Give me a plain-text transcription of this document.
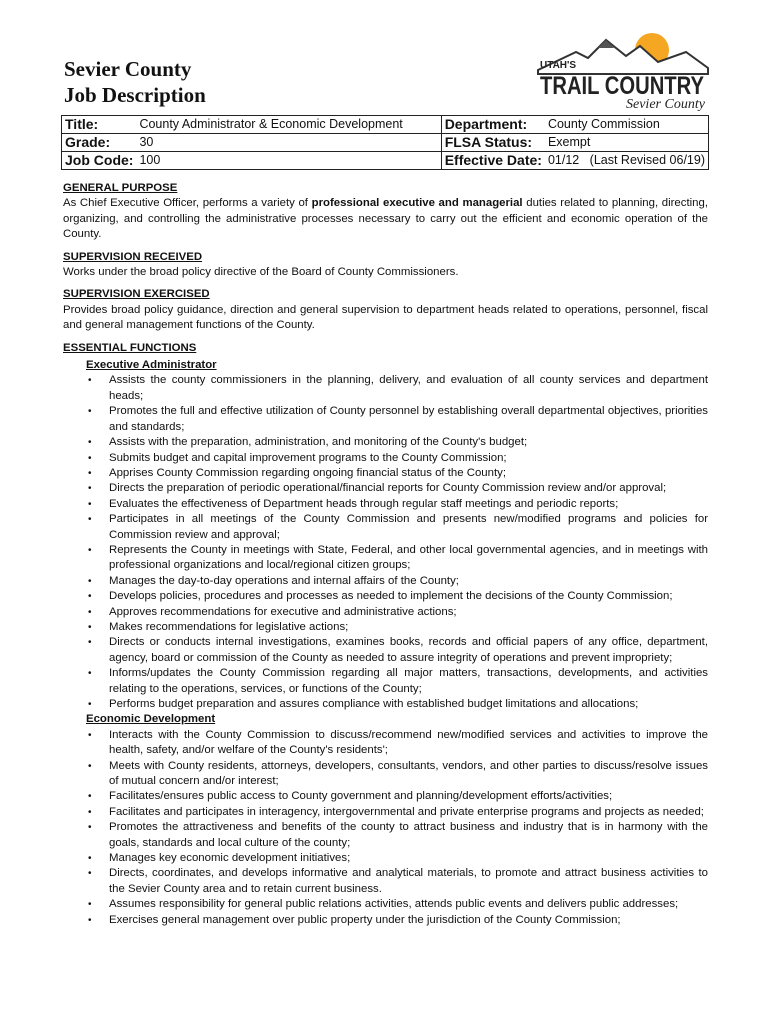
Sevier County
Job Description
UTAH'S
TRAIL COUNTRY
Sevier County
Title:	County Administrator & Economic Development	Department:	County Commission
Grade:	30	FLSA Status:	Exempt
Job Code:	100	Effective Date:	01/12   (Last Revised 06/19)

GENERAL PURPOSE

As Chief Executive Officer, performs a variety of professional executive and managerial duties related to planning, directing, organizing, and controlling the administrative processes necessary to carry out the efficient and economic operation of the County.

SUPERVISION RECEIVED

Works under the broad policy directive of the Board of County Commissioners.

SUPERVISION EXERCISED

Provides broad policy guidance, direction and general supervision to department heads related to operations, personnel, fiscal and general management functions of the County.

ESSENTIAL FUNCTIONS

Executive Administrator

• Assists the county commissioners in the planning, delivery, and evaluation of all county services and department heads;
• Promotes the full and effective utilization of County personnel by establishing overall departmental objectives, priorities and standards;
• Assists with the preparation, administration, and monitoring of the County's budget;
• Submits budget and capital improvement programs to the County Commission;
• Apprises County Commission regarding ongoing financial status of the County;
• Directs the preparation of periodic operational/financial reports for County Commission review and/or approval;
• Evaluates the effectiveness of Department heads through regular staff meetings and periodic reports;
• Participates in all meetings of the County Commission and presents new/modified programs and policies for Commission review and approval;
• Represents the County in meetings with State, Federal, and other local governmental agencies, and in meetings with professional organizations and local/regional citizen groups;
• Manages the day-to-day operations and internal affairs of the County;
• Develops policies, procedures and processes as needed to implement the decisions of the County Commission;
• Approves recommendations for executive and administrative actions;
• Makes recommendations for legislative actions;
• Directs or conducts internal investigations, examines books, records and official papers of any office, department, agency, board or commission of the County as needed to assure integrity of operations and prevent impropriety;
• Informs/updates the County Commission regarding all major matters, transactions, developments, and activities relating to the operations, services, or functions of the County;
• Performs budget preparation and assures compliance with established budget limitations and allocations;

Economic Development

• Interacts with the County Commission to discuss/recommend new/modified services and activities to improve the health, safety, and/or welfare of the County's residents';
• Meets with County residents, attorneys, developers, consultants, vendors, and other parties to discuss/resolve issues of mutual concern and/or interest;
• Facilitates/ensures public access to County government and planning/development efforts/activities;
• Facilitates and participates in interagency, intergovernmental and private enterprise programs and projects as needed;
• Promotes the attractiveness and benefits of the county to attract business and industry that is in harmony with the goals, standards and local culture of the county;
• Manages key economic development initiatives;
• Directs, coordinates, and develops informative and analytical materials, to promote and attract business activities to the Sevier County area and to retain current business.
• Assumes responsibility for general public relations activities, attends public events and delivers public addresses;
• Exercises general management over public property under the jurisdiction of the County Commission;
